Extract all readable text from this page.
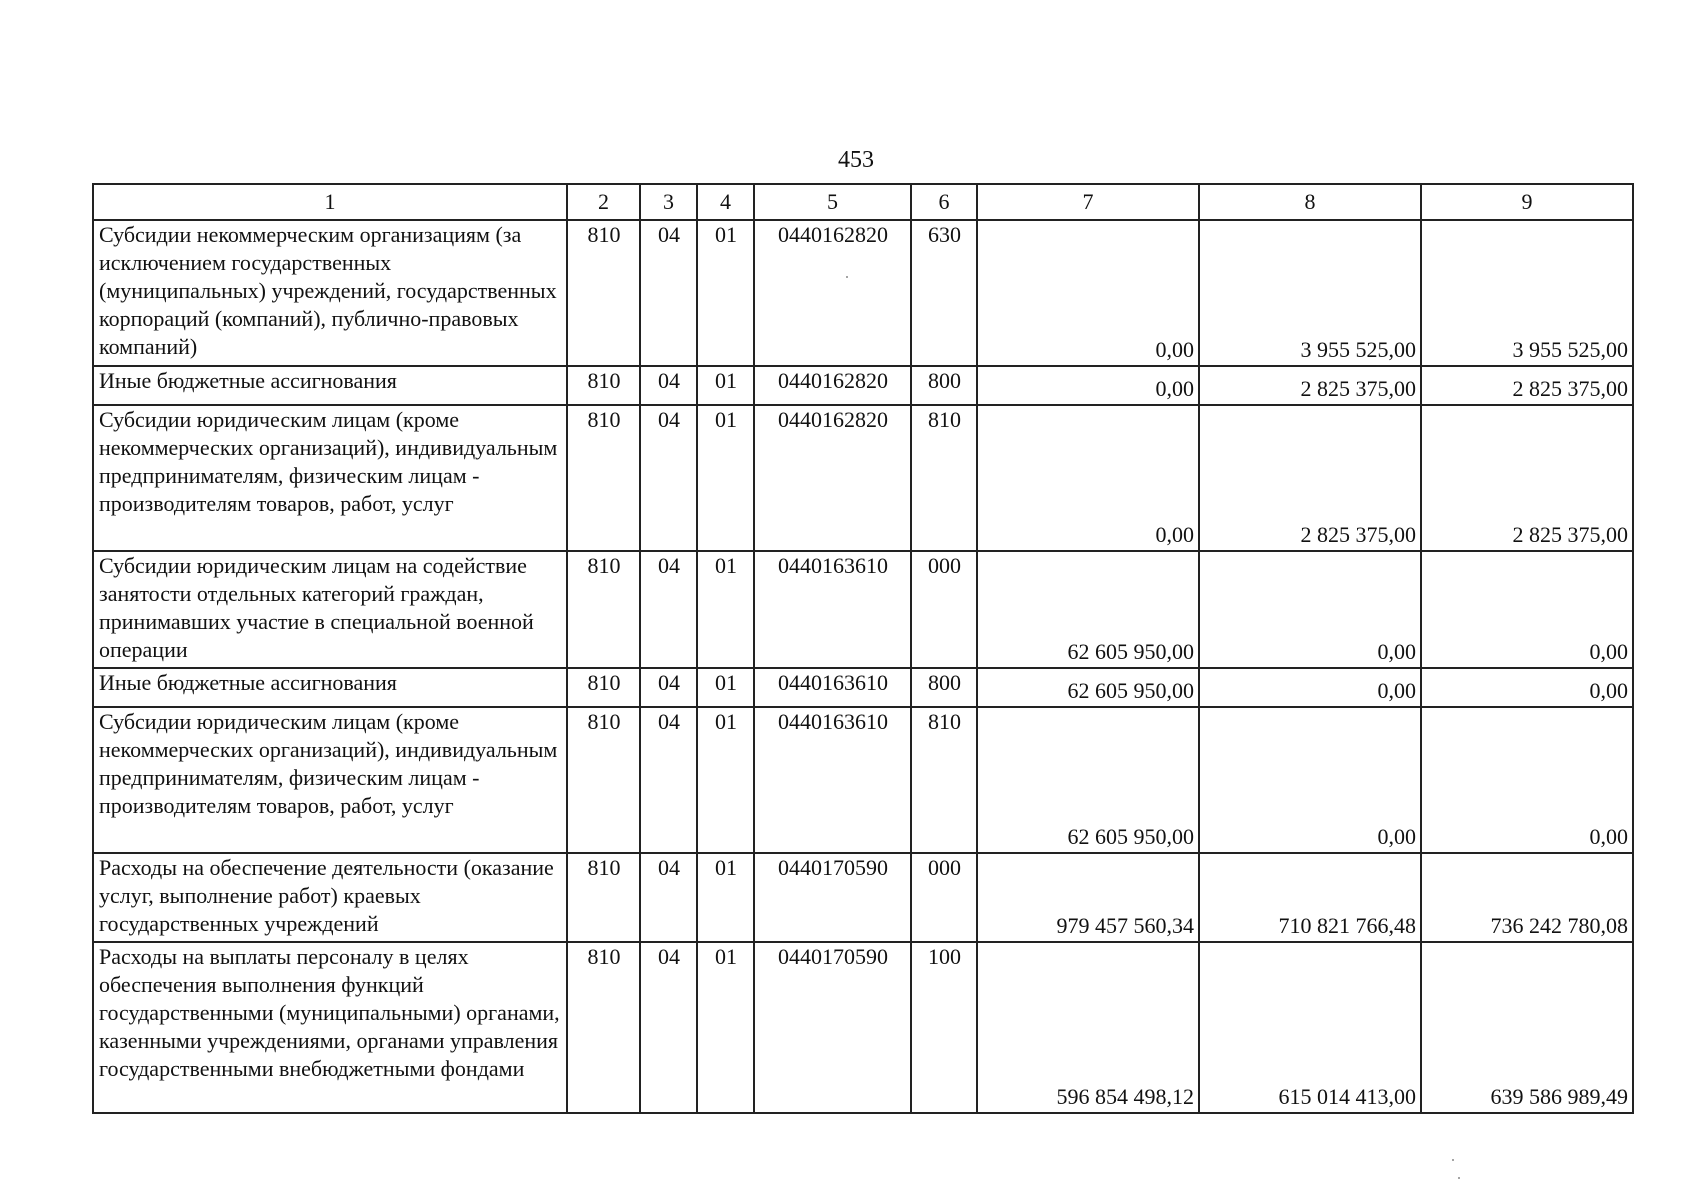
453
1	2	3	4	5	6	7	8	9
Субсидии некоммерческим организациям (за исключением государственных (муниципальных) учреждений, государственных корпораций (компаний), публично-правовых компаний)	810	04	01	0440162820	630	0,00	3 955 525,00	3 955 525,00
Иные бюджетные ассигнования	810	04	01	0440162820	800	0,00	2 825 375,00	2 825 375,00
Субсидии юридическим лицам (кроме некоммерческих организаций), индивидуальным предпринимателям, физическим лицам - производителям товаров, работ, услуг	810	04	01	0440162820	810	0,00	2 825 375,00	2 825 375,00
Субсидии юридическим лицам на содействие занятости отдельных категорий граждан, принимавших участие в специальной военной операции	810	04	01	0440163610	000	62 605 950,00	0,00	0,00
Иные бюджетные ассигнования	810	04	01	0440163610	800	62 605 950,00	0,00	0,00
Субсидии юридическим лицам (кроме некоммерческих организаций), индивидуальным предпринимателям, физическим лицам - производителям товаров, работ, услуг	810	04	01	0440163610	810	62 605 950,00	0,00	0,00
Расходы на обеспечение деятельности (оказание услуг, выполнение работ) краевых государственных учреждений	810	04	01	0440170590	000	979 457 560,34	710 821 766,48	736 242 780,08
Расходы на выплаты персоналу в целях обеспечения выполнения функций государственными (муниципальными) органами, казенными учреждениями, органами управления государственными внебюджетными фондами	810	04	01	0440170590	100	596 854 498,12	615 014 413,00	639 586 989,49
